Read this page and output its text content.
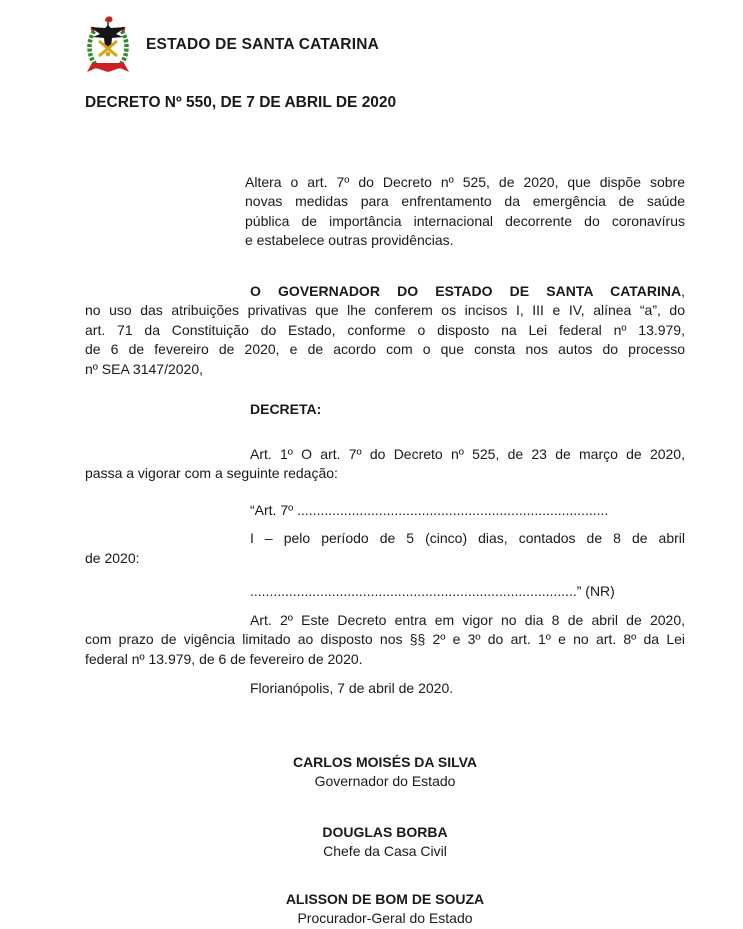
ESTADO DE SANTA CATARINA
DECRETO Nº 550, DE 7 DE ABRIL DE 2020
Altera o art. 7º do Decreto nº 525, de 2020, que dispõe sobre
novas medidas para enfrentamento da emergência de saúde
pública de importância internacional decorrente do coronavírus
e estabelece outras providências.
O GOVERNADOR DO ESTADO DE SANTA CATARINA,
no uso das atribuições privativas que lhe conferem os incisos I, III e IV, alínea “a”, do
art. 71 da Constituição do Estado, conforme o disposto na Lei federal nº 13.979,
de 6 de fevereiro de 2020, e de acordo com o que consta nos autos do processo
nº SEA 3147/2020,

DECRETA:

Art. 1º O art. 7º do Decreto nº 525, de 23 de março de 2020,
passa a vigorar com a seguinte redação:

“Art. 7º ................................................................................

I – pelo período de 5 (cinco) dias, contados de 8 de abril
de 2020:

....................................................................................” (NR)

Art. 2º Este Decreto entra em vigor no dia 8 de abril de 2020,
com prazo de vigência limitado ao disposto nos §§ 2º e 3º do art. 1º e no art. 8º da Lei
federal nº 13.979, de 6 de fevereiro de 2020.

Florianópolis, 7 de abril de 2020.

CARLOS MOISÉS DA SILVA
Governador do Estado
DOUGLAS BORBA
Chefe da Casa Civil
ALISSON DE BOM DE SOUZA
Procurador-Geral do Estado
